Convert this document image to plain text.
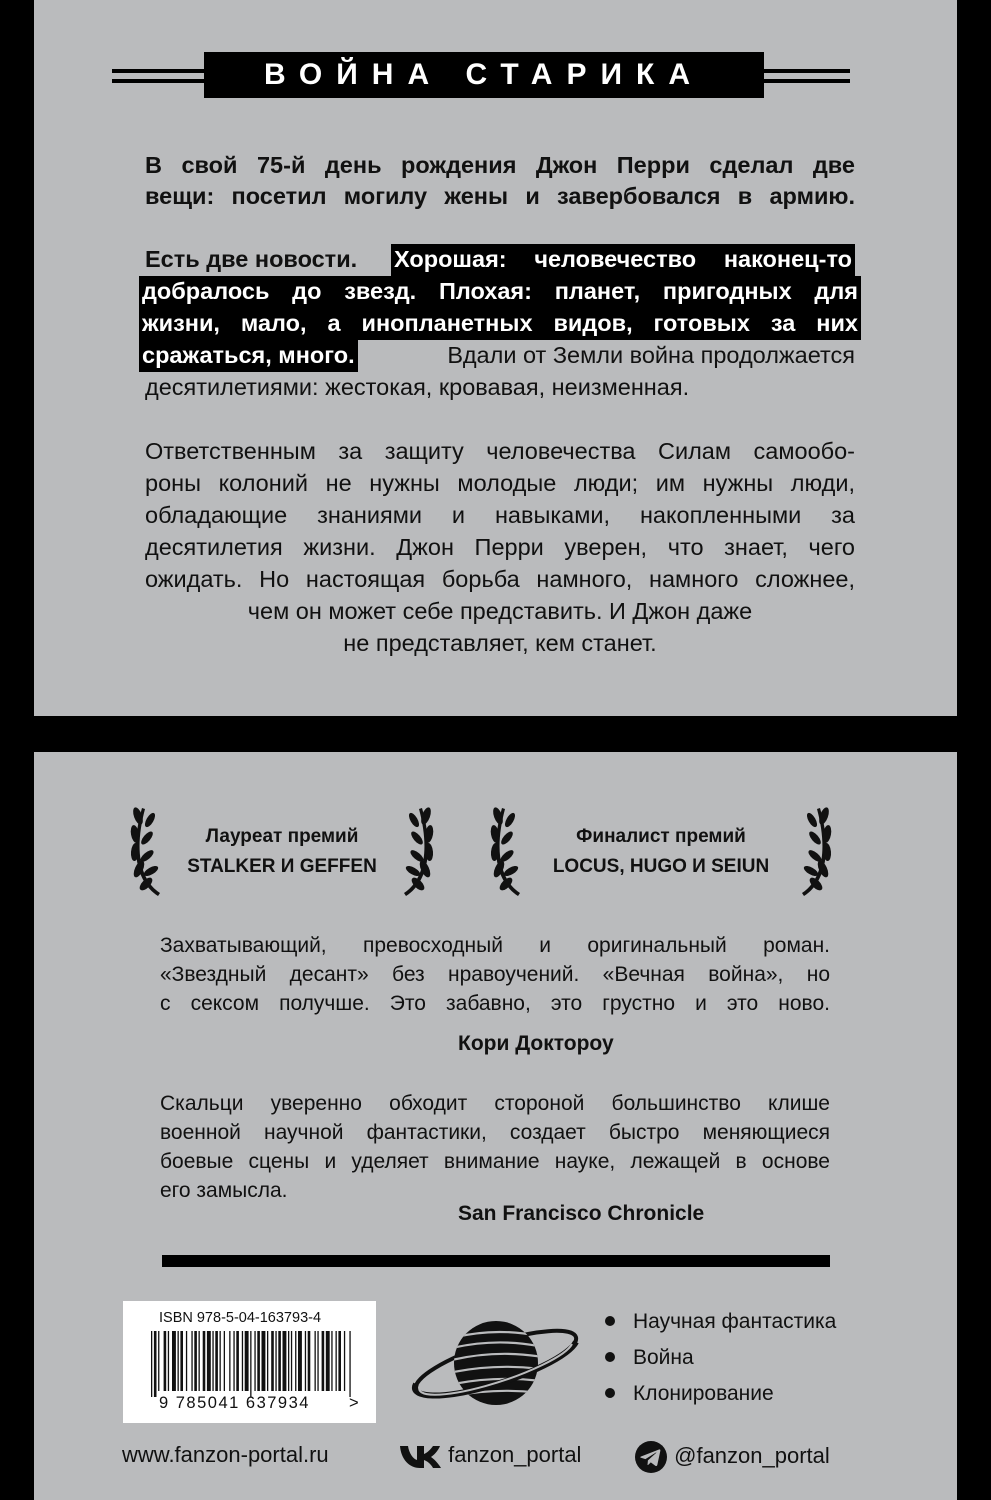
ВОЙНА СТАРИКА
В свой 75-й день рождения Джон Перри сделал две
вещи: посетил могилу жены и завербовался в армию.
Есть две новости. Хорошая: человечество наконец-то
добралось до звезд. Плохая: планет, пригодных для
жизни, мало, а инопланетных видов, готовых за них
сражаться, много.	Вдали от Земли война продолжается
десятилетиями: жестокая, кровавая, неизменная.
Ответственным за защиту человечества Силам самообо-
роны колоний не нужны молодые люди; им нужны люди,
обладающие знаниями и навыками, накопленными за
десятилетия жизни. Джон Перри уверен, что знает, чего
ожидать. Но настоящая борьба намного, намного сложнее,
чем он может себе представить. И Джон даже
не представляет, кем станет.
Лауреат премий
STALKER И GEFFEN
Финалист премий
LOCUS, HUGO И SEIUN
Захватывающий, превосходный и оригинальный роман.
«Звездный десант» без нравоучений. «Вечная война», но
с сексом получше. Это забавно, это грустно и это ново.
Кори Доктороу
Скальци уверенно обходит стороной большинство клише
военной научной фантастики, создает быстро меняющиеся
боевые сцены и уделяет внимание науке, лежащей в основе
его замысла.
San Francisco Chronicle
ISBN 978-5-04-163793-4
9 785041 637934 >
Научная фантастика
Война
Клонирование
www.fanzon-portal.ru	fanzon_portal	@fanzon_portal
